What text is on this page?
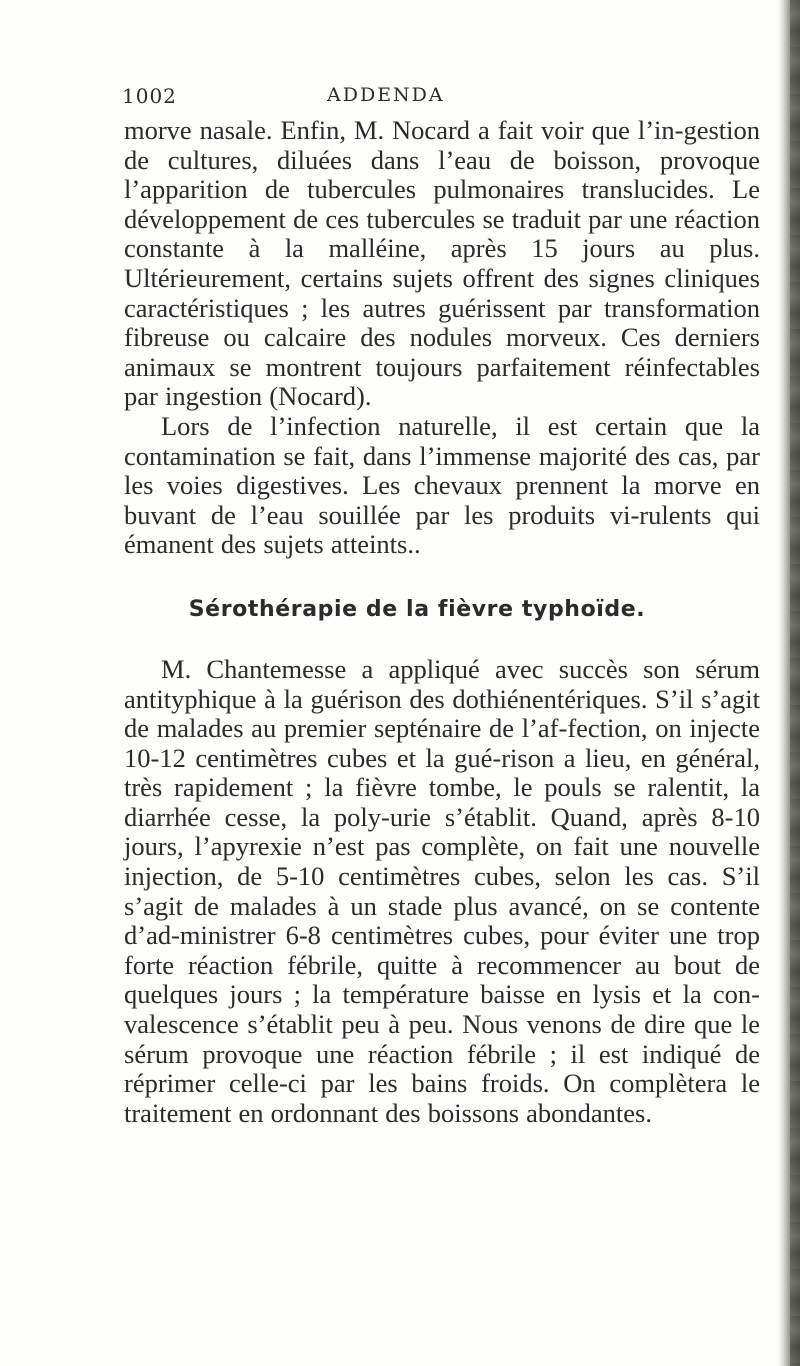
1002	ADDENDA

morve nasale. Enfin, M. Nocard a fait voir que l’in-gestion de cultures, diluées dans l’eau de boisson, provoque l’apparition de tubercules pulmonaires translucides. Le développement de ces tubercules se traduit par une réaction constante à la malléine, après 15 jours au plus. Ultérieurement, certains sujets offrent des signes cliniques caractéristiques ; les autres guérissent par transformation fibreuse ou calcaire des nodules morveux. Ces derniers animaux se montrent toujours parfaitement réinfectables par ingestion (Nocard).

Lors de l’infection naturelle, il est certain que la contamination se fait, dans l’immense majorité des cas, par les voies digestives. Les chevaux prennent la morve en buvant de l’eau souillée par les produits vi-rulents qui émanent des sujets atteints..

Sérothérapie de la fièvre typhoïde.

M. Chantemesse a appliqué avec succès son sérum antityphique à la guérison des dothiénentériques. S’il s’agit de malades au premier septénaire de l’af-fection, on injecte 10-12 centimètres cubes et la gué-rison a lieu, en général, très rapidement ; la fièvre tombe, le pouls se ralentit, la diarrhée cesse, la poly-urie s’établit. Quand, après 8-10 jours, l’apyrexie n’est pas complète, on fait une nouvelle injection, de 5-10 centimètres cubes, selon les cas. S’il s’agit de malades à un stade plus avancé, on se contente d’ad-ministrer 6-8 centimètres cubes, pour éviter une trop forte réaction fébrile, quitte à recommencer au bout de quelques jours ; la température baisse en lysis et la con-valescence s’établit peu à peu. Nous venons de dire que le sérum provoque une réaction fébrile ; il est indiqué de réprimer celle-ci par les bains froids. On complètera le traitement en ordonnant des boissons abondantes.
